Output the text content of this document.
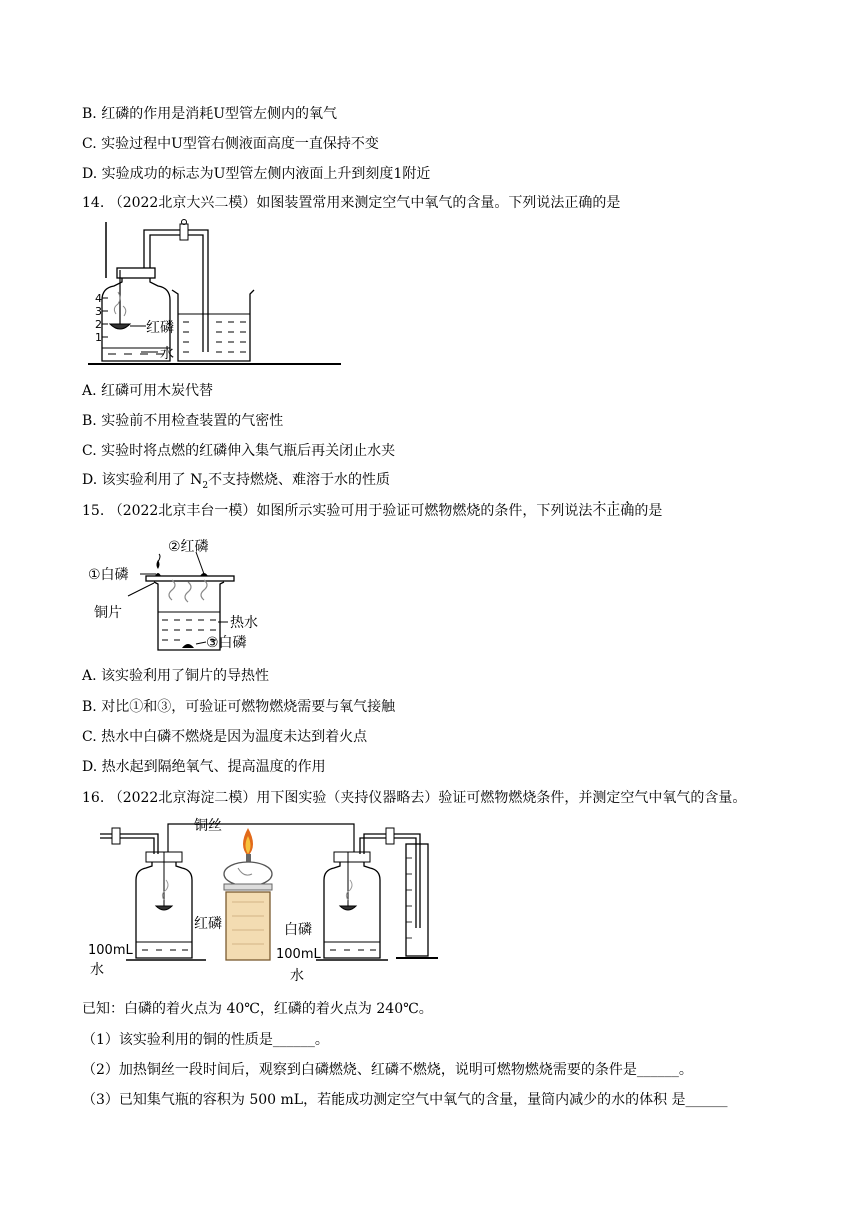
B. 红磷的作用是消耗U型管左侧内的氧气
C. 实验过程中U型管右侧液面高度一直保持不变
D. 实验成功的标志为U型管左侧内液面上升到刻度1附近
14. （2022北京大兴二模）如图装置常用来测定空气中氧气的含量。下列说法正确的是
4
3
2
1
红磷
水
A. 红磷可用木炭代替
B. 实验前不用检查装置的气密性
C. 实验时将点燃的红磷伸入集气瓶后再关闭止水夹
D. 该实验利用了 $N_2$不支持燃烧、难溶于水的性质
15. （2022北京丰台一模）如图所示实验可用于验证可燃物燃烧的条件，下列说法不正确的是
①白磷
②红磷
铜片
热水
③白磷
A. 该实验利用了铜片的导热性
B. 对比①和③，可验证可燃物燃烧需要与氧气接触
C. 热水中白磷不燃烧是因为温度未达到着火点
D. 热水起到隔绝氧气、提高温度的作用
16. （2022北京海淀二模）用下图实验（夹持仪器略去）验证可燃物燃烧条件，并测定空气中氧气的含量。
铜丝
红磷	白磷
100mL
水
100mL
水
已知：白磷的着火点为 40℃，红磷的着火点为 240℃。
（1）该实验利用的铜的性质是______。
（2）加热铜丝一段时间后，观察到白磷燃烧、红磷不燃烧，说明可燃物燃烧需要的条件是______。
（3）已知集气瓶的容积为 500 mL，若能成功测定空气中氧气的含量，量筒内减少的水的体积 是______
